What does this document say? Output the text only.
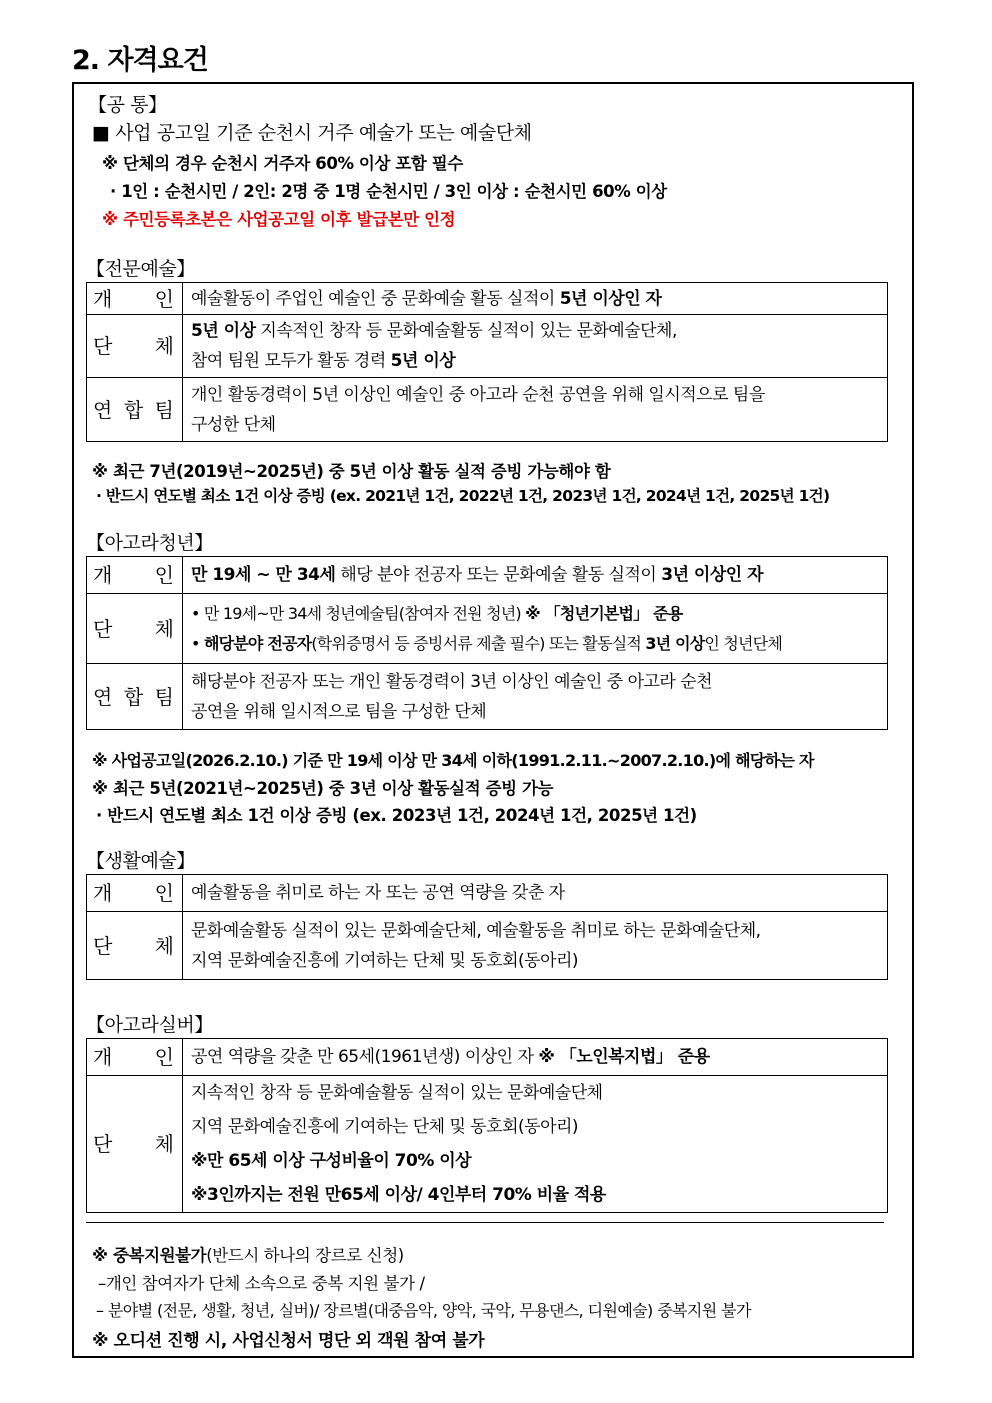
2. 자격요건
【공 통】
■ 사업 공고일 기준 순천시 거주 예술가 또는 예술단체
※ 단체의 경우 순천시 거주자 60% 이상 포함 필수
· 1인 : 순천시민 / 2인: 2명 중 1명 순천시민 / 3인 이상 : 순천시민 60% 이상
※ 주민등록초본은 사업공고일 이후 발급본만 인정
【전문예술】
개 인	예술활동이 주업인 예술인 중 문화예술 활동 실적이 5년 이상인 자

단 체	5년 이상 지속적인 창작 등 문화예술활동 실적이 있는 문화예술단체,
참여 팀원 모두가 활동 경력 5년 이상

연 합 팀	개인 활동경력이 5년 이상인 예술인 중 아고라 순천 공연을 위해 일시적으로 팀을
구성한 단체
※ 최근 7년(2019년~2025년) 중 5년 이상 활동 실적 증빙 가능해야 함
· 반드시 연도별 최소 1건 이상 증빙 (ex. 2021년 1건, 2022년 1건, 2023년 1건, 2024년 1건, 2025년 1건)
【아고라청년】
개 인	만 19세 ~ 만 34세 해당 분야 전공자 또는 문화예술 활동 실적이 3년 이상인 자

단 체	• 만 19세~만 34세 청년예술팀(참여자 전원 청년) ※ 「청년기본법」 준용
• 해당분야 전공자(학위증명서 등 증빙서류 제출 필수) 또는 활동실적 3년 이상인 청년단체

연 합 팀	해당분야 전공자 또는 개인 활동경력이 3년 이상인 예술인 중 아고라 순천
공연을 위해 일시적으로 팀을 구성한 단체
※ 사업공고일(2026.2.10.) 기준 만 19세 이상 만 34세 이하(1991.2.11.~2007.2.10.)에 해당하는 자
※ 최근 5년(2021년~2025년) 중 3년 이상 활동실적 증빙 가능
· 반드시 연도별 최소 1건 이상 증빙 (ex. 2023년 1건, 2024년 1건, 2025년 1건)
【생활예술】
개 인	예술활동을 취미로 하는 자 또는 공연 역량을 갖춘 자

단 체	문화예술활동 실적이 있는 문화예술단체, 예술활동을 취미로 하는 문화예술단체,
지역 문화예술진흥에 기여하는 단체 및 동호회(동아리)
【아고라실버】
개 인	공연 역량을 갖춘 만 65세(1961년생) 이상인 자 ※ 「노인복지법」 준용

단 체	지속적인 창작 등 문화예술활동 실적이 있는 문화예술단체
지역 문화예술진흥에 기여하는 단체 및 동호회(동아리)
※만 65세 이상 구성비율이 70% 이상
※3인까지는 전원 만65세 이상/ 4인부터 70% 비율 적용
※ 중복지원불가(반드시 하나의 장르로 신청)
–개인 참여자가 단체 소속으로 중복 지원 불가 /
– 분야별 (전문, 생활, 청년, 실버)/ 장르별(대중음악, 양악, 국악, 무용댄스, 디원예술) 중복지원 불가
※ 오디션 진행 시, 사업신청서 명단 외 객원 참여 불가
